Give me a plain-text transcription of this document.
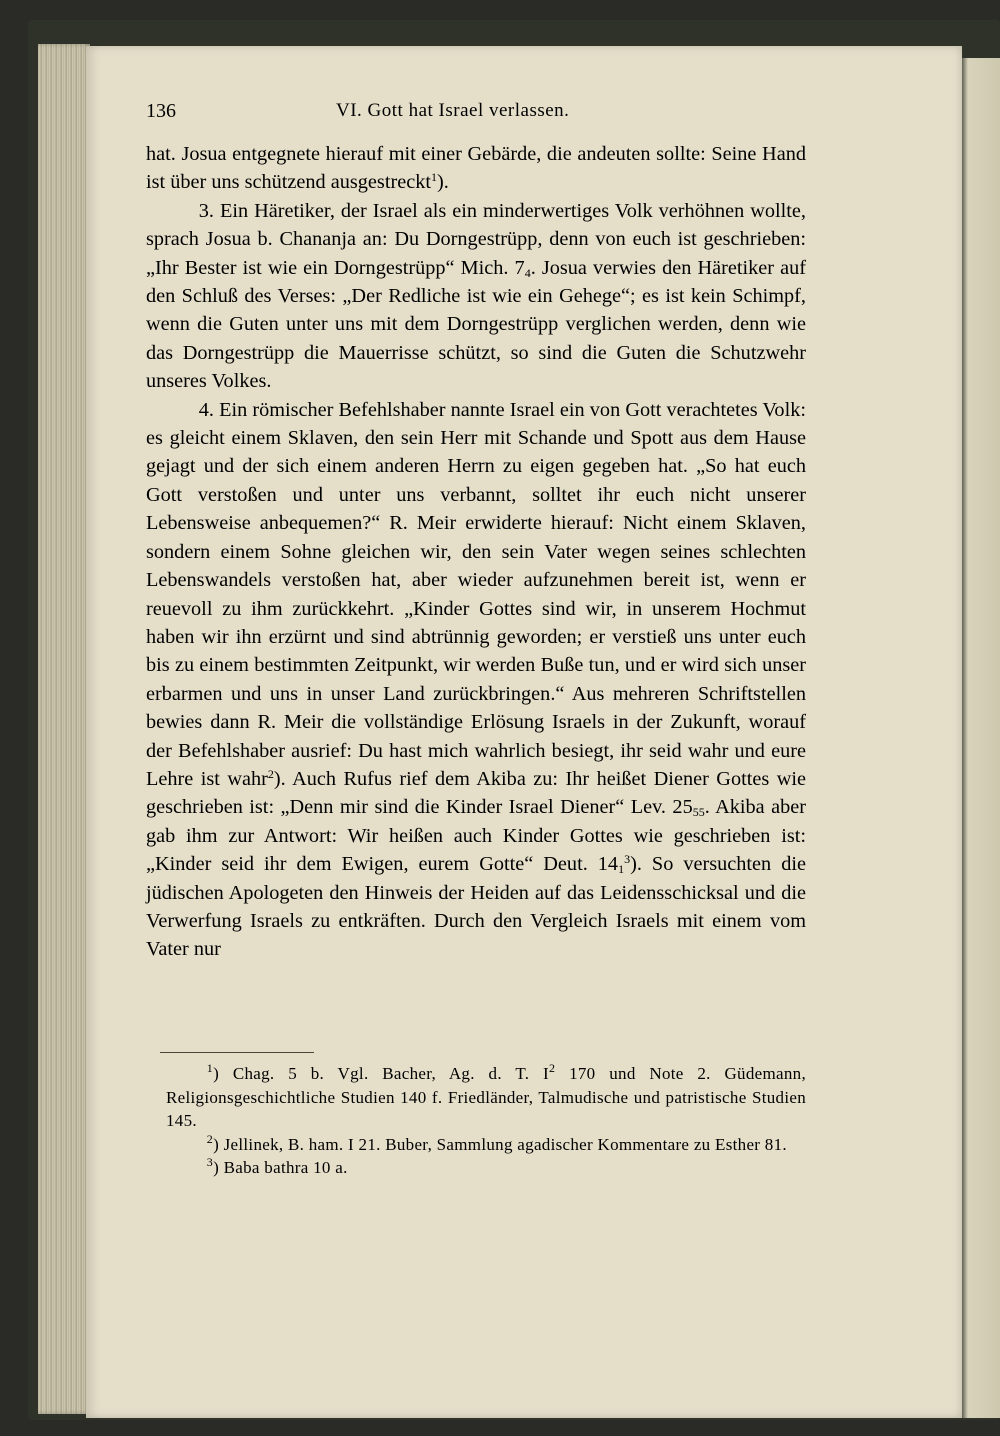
136	VI. Gott hat Israel verlassen.

hat. Josua entgegnete hierauf mit einer Gebärde, die andeuten sollte: Seine Hand ist über uns schützend ausgestreckt$^1$).

3. Ein Häretiker, der Israel als ein minderwertiges Volk verhöhnen wollte, sprach Josua b. Chananja an: Du Dorngestrüpp, denn von euch ist geschrieben: „Ihr Bester ist wie ein Dorngestrüpp“ Mich. $7_4$. Josua verwies den Häretiker auf den Schluß des Verses: „Der Redliche ist wie ein Gehege“; es ist kein Schimpf, wenn die Guten unter uns mit dem Dorngestrüpp verglichen werden, denn wie das Dorngestrüpp die Mauerrisse schützt, so sind die Guten die Schutzwehr unseres Volkes.

4. Ein römischer Befehlshaber nannte Israel ein von Gott verachtetes Volk: es gleicht einem Sklaven, den sein Herr mit Schande und Spott aus dem Hause gejagt und der sich einem anderen Herrn zu eigen gegeben hat. „So hat euch Gott verstoßen und unter uns verbannt, solltet ihr euch nicht unserer Lebensweise anbequemen?“ R. Meir erwiderte hierauf: Nicht einem Sklaven, sondern einem Sohne gleichen wir, den sein Vater wegen seines schlechten Lebenswandels verstoßen hat, aber wieder aufzunehmen bereit ist, wenn er reuevoll zu ihm zurückkehrt. „Kinder Gottes sind wir, in unserem Hochmut haben wir ihn erzürnt und sind abtrünnig geworden; er verstieß uns unter euch bis zu einem bestimmten Zeitpunkt, wir werden Buße tun, und er wird sich unser erbarmen und uns in unser Land zurückbringen.“ Aus mehreren Schriftstellen bewies dann R. Meir die vollständige Erlösung Israels in der Zukunft, worauf der Befehlshaber ausrief: Du hast mich wahrlich besiegt, ihr seid wahr und eure Lehre ist wahr$^2$). Auch Rufus rief dem Akiba zu: Ihr heißet Diener Gottes wie geschrieben ist: „Denn mir sind die Kinder Israel Diener“ Lev. $25_{55}$. Akiba aber gab ihm zur Antwort: Wir heißen auch Kinder Gottes wie geschrieben ist: „Kinder seid ihr dem Ewigen, eurem Gotte“ Deut. $14_1^3$). So versuchten die jüdischen Apologeten den Hinweis der Heiden auf das Leidensschicksal und die Verwerfung Israels zu entkräften. Durch den Vergleich Israels mit einem vom Vater nur

$^1$) Chag. 5 b. Vgl. Bacher, Ag. d. T. $I^2$ 170 und Note 2. Güdemann, Religionsgeschichtliche Studien 140 f. Friedländer, Talmudische und patristische Studien 145.

$^2$) Jellinek, B. ham. I 21. Buber, Sammlung agadischer Kommentare zu Esther 81.

$^3$) Baba bathra 10 a.
